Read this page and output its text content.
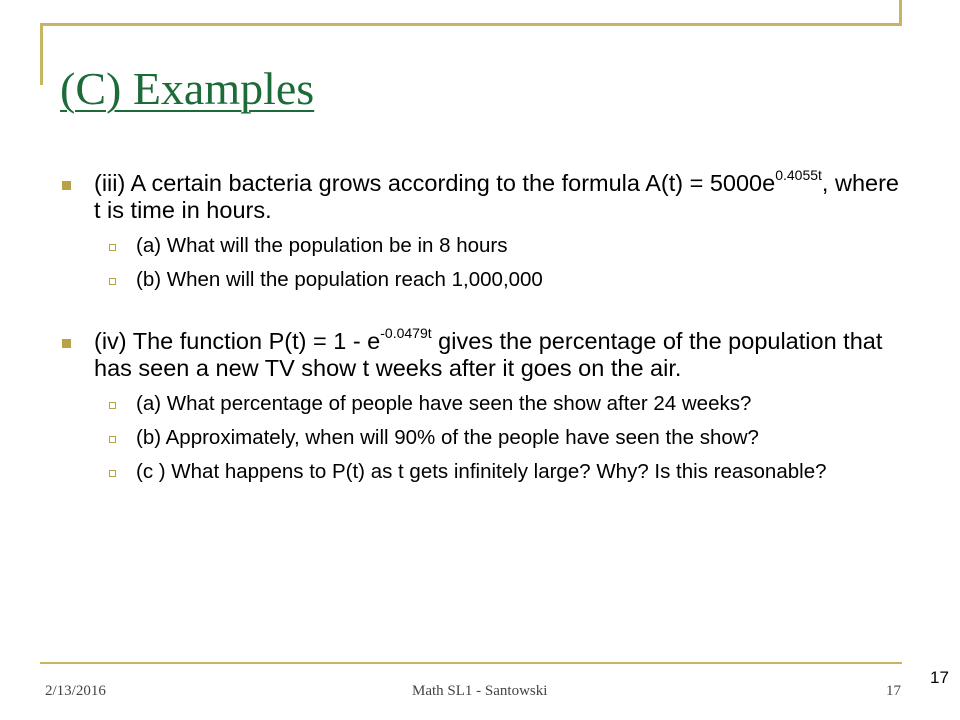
(C) Examples
(iii) A certain bacteria grows according to the formula $A(t) = 5000e^{0.4055t}$, where t is time in hours.
(a) What will the population be in 8 hours
(b) When will the population reach 1,000,000
(iv) The function $P(t) = 1 - e^{-0.0479t}$ gives the percentage of the population that has seen a new TV show t weeks after it goes on the air.
(a) What percentage of people have seen the show after 24 weeks?
(b) Approximately, when will 90% of the people have seen the show?
(c ) What happens to P(t) as t gets infinitely large? Why? Is this reasonable?
2/13/2016	Math SL1 - Santowski	17
17
